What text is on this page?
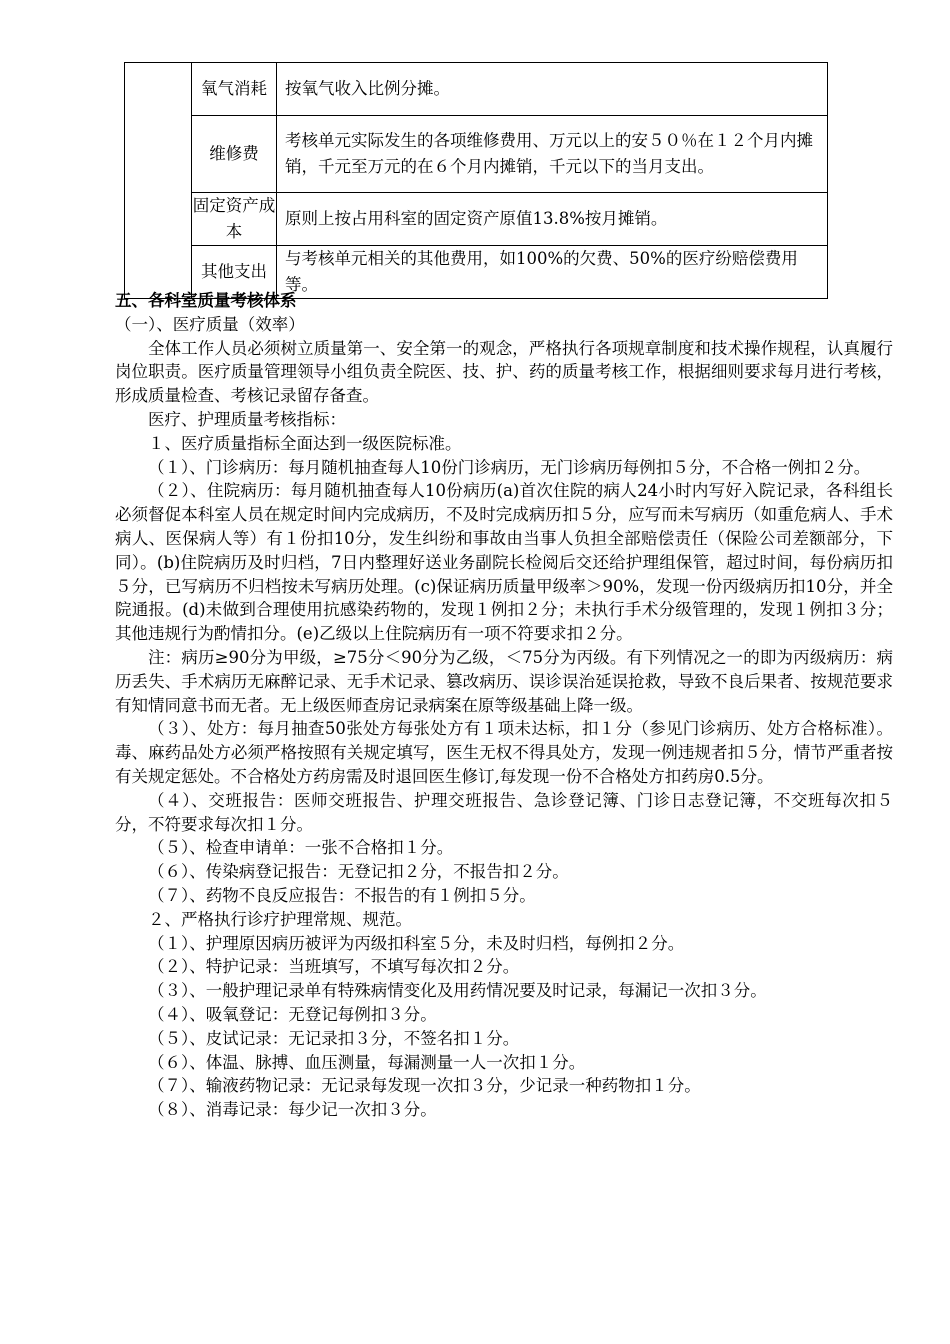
	氧气消耗	按氧气收入比例分摊。
	维修费	考核单元实际发生的各项维修费用、万元以上的安５０％在１２个月内摊销，千元至万元的在６个月内摊销，千元以下的当月支出。
	固定资产成本	原则上按占用科室的固定资产原值13.8%按月摊销。
	其他支出	与考核单元相关的其他费用，如100%的欠费、50%的医疗纷赔偿费用等。

五、各科室质量考核体系

（一）、医疗质量（效率）

全体工作人员必须树立质量第一、安全第一的观念，严格执行各项规章制度和技术操作规程，认真履行岗位职责。医疗质量管理领导小组负责全院医、技、护、药的质量考核工作，根据细则要求每月进行考核，形成质量检查、考核记录留存备查。

医疗、护理质量考核指标：

１、医疗质量指标全面达到一级医院标准。

（１）、门诊病历：每月随机抽查每人10份门诊病历，无门诊病历每例扣５分，不合格一例扣２分。

（２）、住院病历：每月随机抽查每人10份病历(a)首次住院的病人24小时内写好入院记录，各科组长必须督促本科室人员在规定时间内完成病历，不及时完成病历扣５分，应写而未写病历（如重危病人、手术病人、医保病人等）有１份扣10分，发生纠纷和事故由当事人负担全部赔偿责任（保险公司差额部分，下同）。(b)住院病历及时归档，7日内整理好送业务副院长检阅后交还给护理组保管，超过时间，每份病历扣５分，已写病历不归档按未写病历处理。(c)保证病历质量甲级率＞90%，发现一份丙级病历扣10分，并全院通报。(d)未做到合理使用抗感染药物的，发现１例扣２分；未执行手术分级管理的，发现１例扣３分；其他违规行为酌情扣分。(e)乙级以上住院病历有一项不符要求扣２分。

注：病历≥90分为甲级，≥75分＜90分为乙级，＜75分为丙级。有下列情况之一的即为丙级病历：病历丢失、手术病历无麻醉记录、无手术记录、篡改病历、误诊误治延误抢救，导致不良后果者、按规范要求有知情同意书而无者。无上级医师查房记录病案在原等级基础上降一级。

（３）、处方：每月抽查50张处方每张处方有１项未达标，扣１分（参见门诊病历、处方合格标准）。毒、麻药品处方必须严格按照有关规定填写，医生无权不得具处方，发现一例违规者扣５分，情节严重者按有关规定惩处。不合格处方药房需及时退回医生修订,每发现一份不合格处方扣药房0.5分。

（４）、交班报告：医师交班报告、护理交班报告、急诊登记簿、门诊日志登记簿，不交班每次扣５分，不符要求每次扣１分。

（５）、检查申请单：一张不合格扣１分。

（６）、传染病登记报告：无登记扣２分，不报告扣２分。

（７）、药物不良反应报告：不报告的有１例扣５分。

２、严格执行诊疗护理常规、规范。

（１）、护理原因病历被评为丙级扣科室５分，未及时归档，每例扣２分。

（２）、特护记录：当班填写，不填写每次扣２分。

（３）、一般护理记录单有特殊病情变化及用药情况要及时记录，每漏记一次扣３分。

（４）、吸氧登记：无登记每例扣３分。

（５）、皮试记录：无记录扣３分，不签名扣１分。

（６）、体温、脉搏、血压测量，每漏测量一人一次扣１分。

（７）、输液药物记录：无记录每发现一次扣３分，少记录一种药物扣１分。

（８）、消毒记录：每少记一次扣３分。
